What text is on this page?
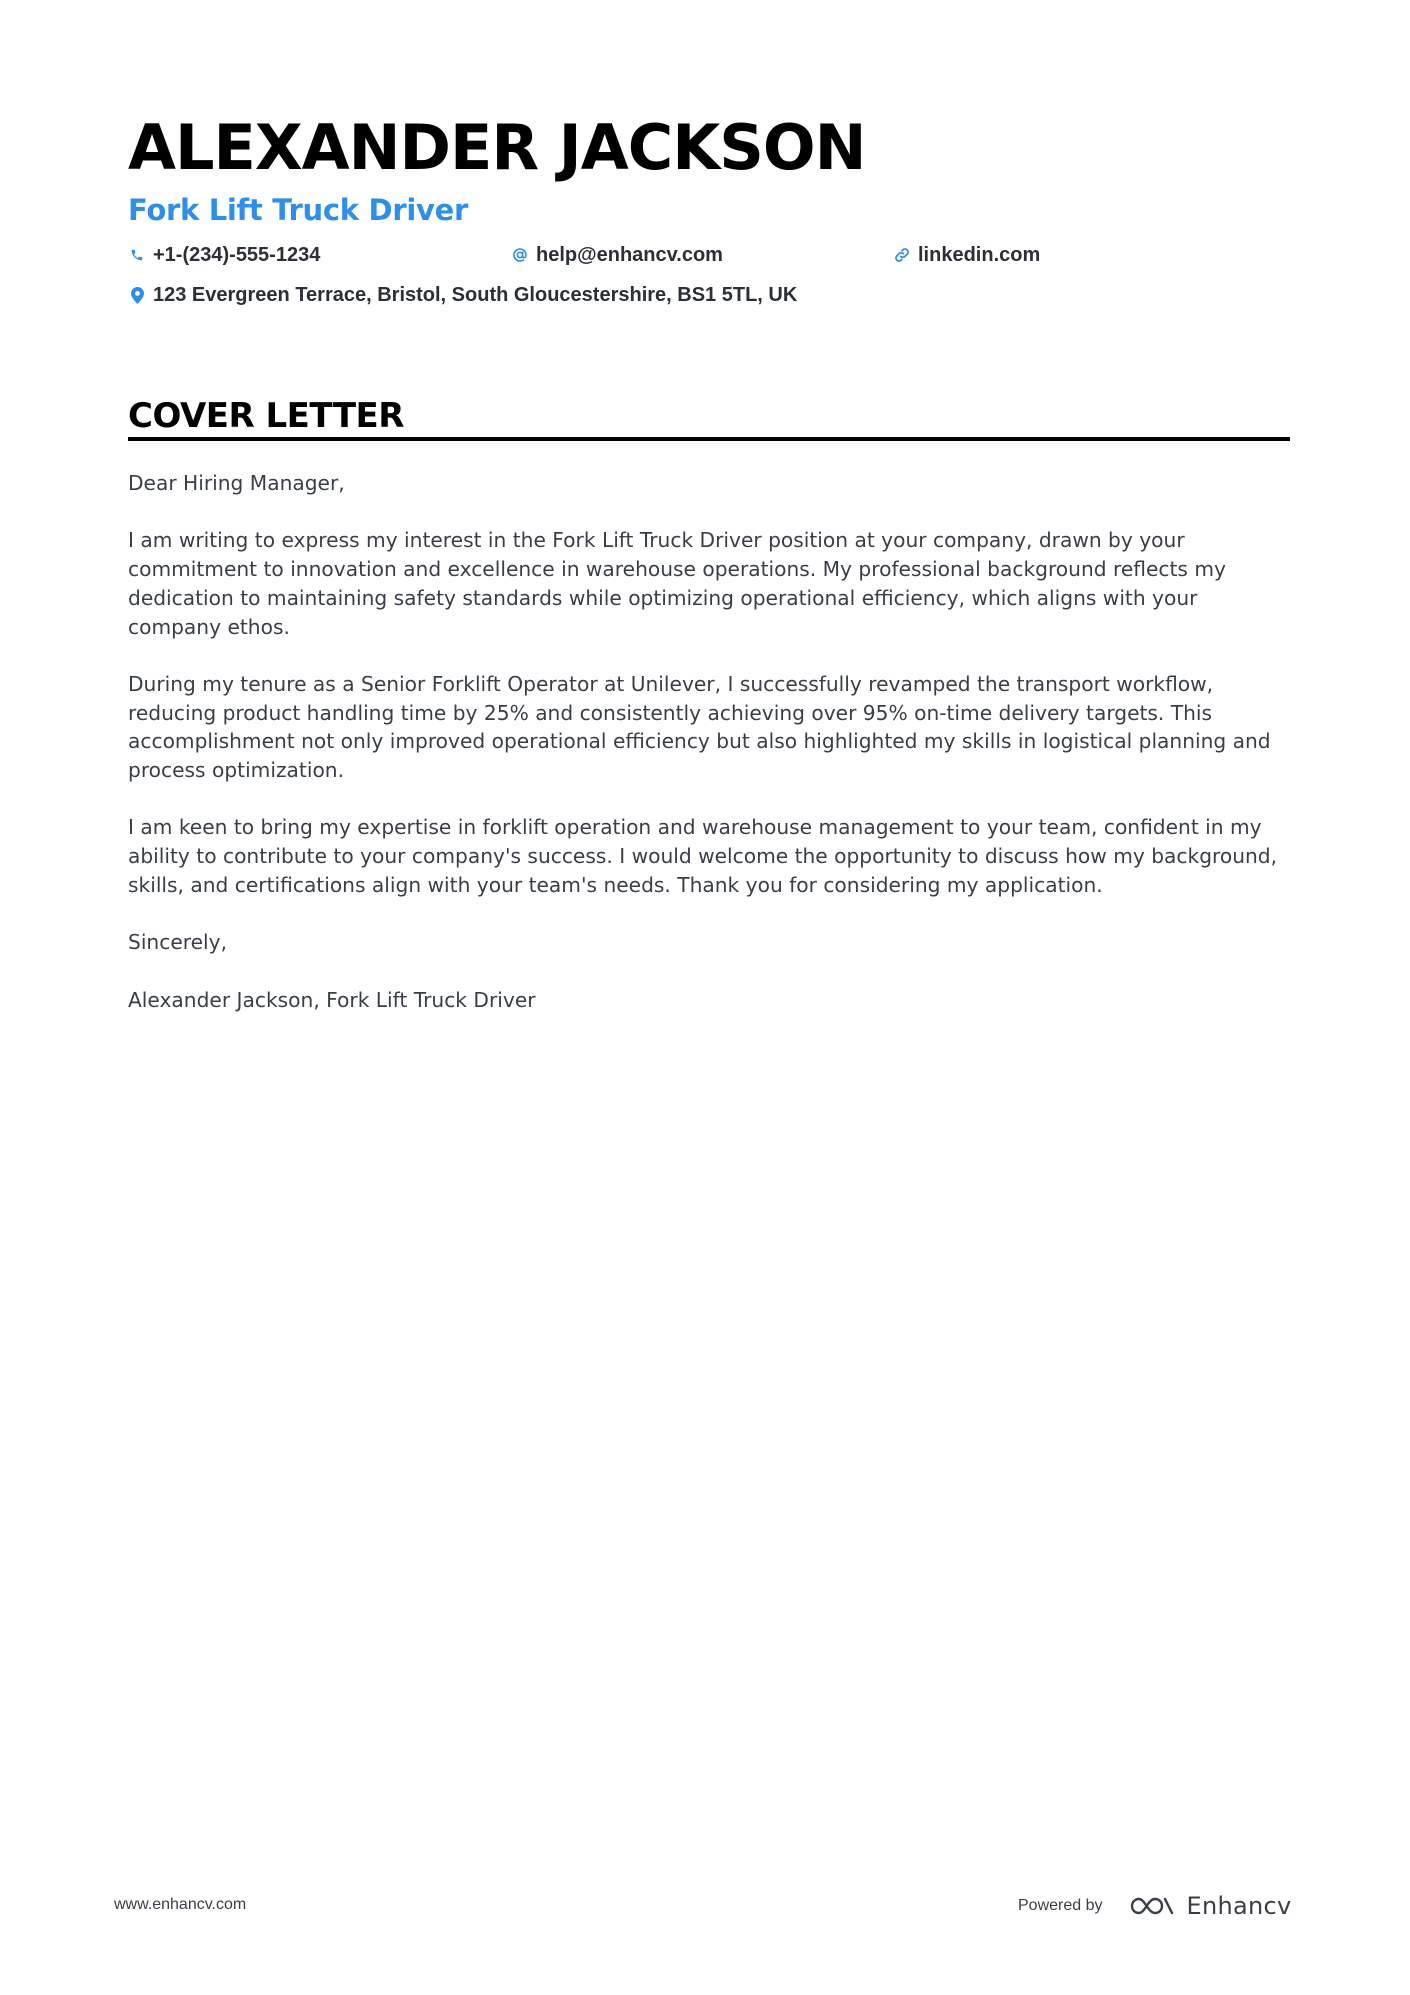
ALEXANDER JACKSON
Fork Lift Truck Driver
+1-(234)-555-1234	help@enhancv.com	linkedin.com
123 Evergreen Terrace, Bristol, South Gloucestershire, BS1 5TL, UK
COVER LETTER

Dear Hiring Manager,

I am writing to express my interest in the Fork Lift Truck Driver position at your company, drawn by your commitment to innovation and excellence in warehouse operations. My professional background reflects my dedication to maintaining safety standards while optimizing operational efficiency, which aligns with your company ethos.

During my tenure as a Senior Forklift Operator at Unilever, I successfully revamped the transport workflow, reducing product handling time by 25% and consistently achieving over 95% on-time delivery targets. This accomplishment not only improved operational efficiency but also highlighted my skills in logistical planning and process optimization.

I am keen to bring my expertise in forklift operation and warehouse management to your team, confident in my ability to contribute to your company's success. I would welcome the opportunity to discuss how my background, skills, and certifications align with your team's needs. Thank you for considering my application.

Sincerely,

Alexander Jackson, Fork Lift Truck Driver

www.enhancv.com	Powered by	Enhancv
